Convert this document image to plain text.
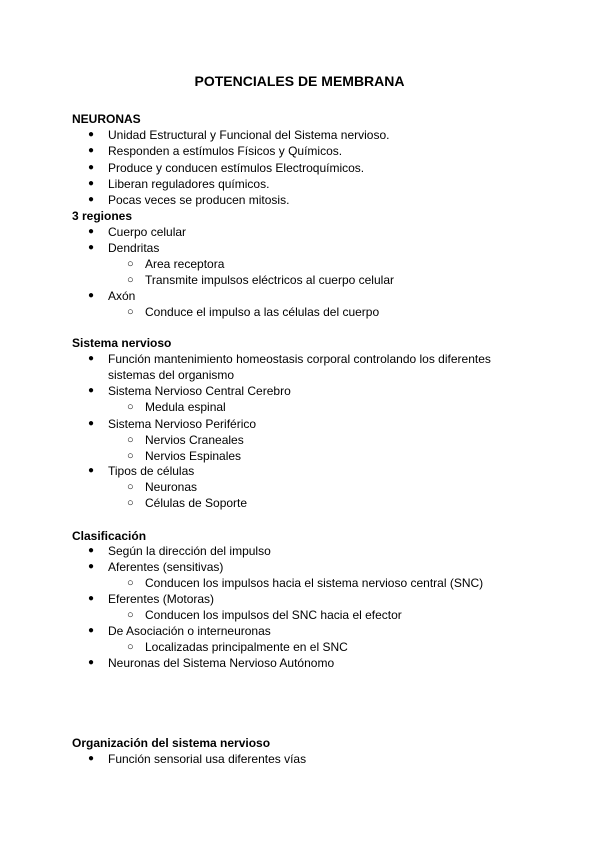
POTENCIALES DE MEMBRANA
NEURONAS
● Unidad Estructural y Funcional del Sistema nervioso.
● Responden a estímulos Físicos y Químicos.
● Produce y conducen estímulos Electroquímicos.
● Liberan reguladores químicos.
● Pocas veces se producen mitosis.
3 regiones
● Cuerpo celular
● Dendritas
○ Area receptora
○ Transmite impulsos eléctricos al cuerpo celular
● Axón
○ Conduce el impulso a las células del cuerpo
Sistema nervioso
● Función mantenimiento homeostasis corporal controlando los diferentes
sistemas del organismo
● Sistema Nervioso Central Cerebro
○ Medula espinal
● Sistema Nervioso Periférico
○ Nervios Craneales
○ Nervios Espinales
● Tipos de células
○ Neuronas
○ Células de Soporte
Clasificación
● Según la dirección del impulso
● Aferentes (sensitivas)
○ Conducen los impulsos hacia el sistema nervioso central (SNC)
● Eferentes (Motoras)
○ Conducen los impulsos del SNC hacia el efector
● De Asociación o interneuronas
○ Localizadas principalmente en el SNC
● Neuronas del Sistema Nervioso Autónomo
Organización del sistema nervioso
● Función sensorial usa diferentes vías
